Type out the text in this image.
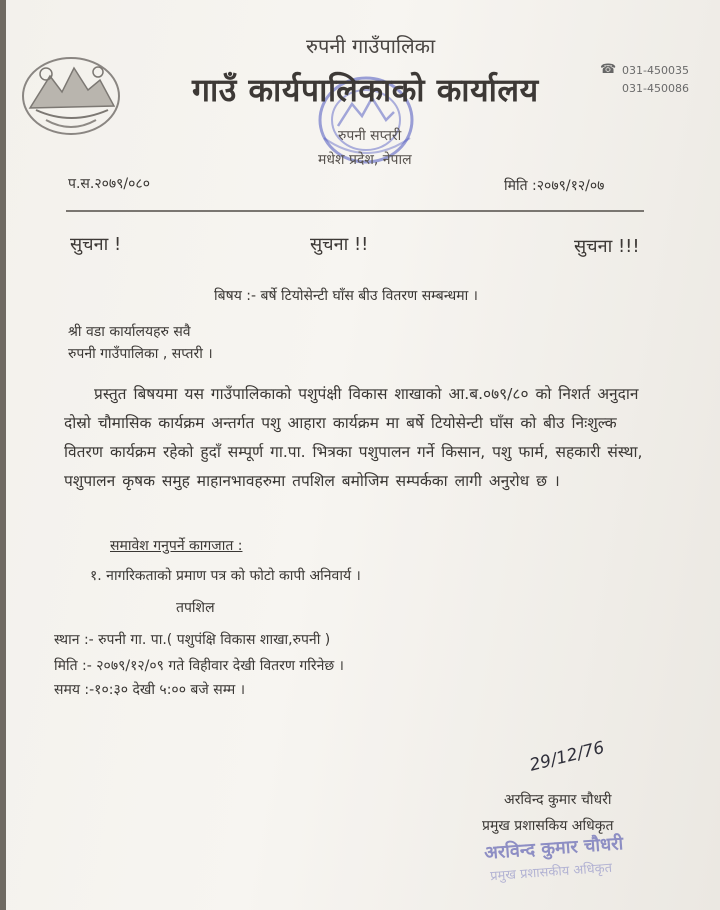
रुपनी गाउँपालिका
गाउँ कार्यपालिकाको कार्यालय
रुपनी सप्तरी
मधेश प्रदेश, नेपाल
☎ 031-450035
031-450086
प.स.२०७९/०८०	मिति :२०७९/१२/०७
सुचना !	सुचना !!	सुचना !!!
बिषय :- बर्षे टियोसेन्टी घाँस बीउ वितरण सम्बन्धमा ।
श्री वडा कार्यालयहरु सवै
रुपनी गाउँपालिका , सप्तरी ।
प्रस्तुत बिषयमा यस गाउँपालिकाको पशुपंक्षी विकास शाखाको आ.ब.०७९/८० को निशर्त अनुदान दोस्रो चौमासिक कार्यक्रम अन्तर्गत पशु आहारा कार्यक्रम मा बर्षे टियोसेन्टी घाँस को बीउ निःशुल्क वितरण कार्यक्रम रहेको हुदाँ सम्पूर्ण गा.पा. भित्रका पशुपालन गर्ने किसान, पशु फार्म, सहकारी संस्था, पशुपालन कृषक समुह माहानभावहरुमा तपशिल बमोजिम सम्पर्कका लागी अनुरोध छ ।
समावेश गनुपर्ने कागजात :
१. नागरिकताको प्रमाण पत्र को फोटो कापी अनिवार्य ।
तपशिल
स्थान :- रुपनी गा. पा.( पशुपंक्षि विकास शाखा,रुपनी )
मिति :- २०७९/१२/०९ गते विहीवार देखी वितरण गरिनेछ ।
समय :-१०:३० देखी ५:०० बजे सम्म ।
29/12/76
अरविन्द कुमार चौधरी
प्रमुख प्रशासकिय अधिकृत
अरविन्द कुमार चौधरी
प्रमुख प्रशासकीय अधिकृत
